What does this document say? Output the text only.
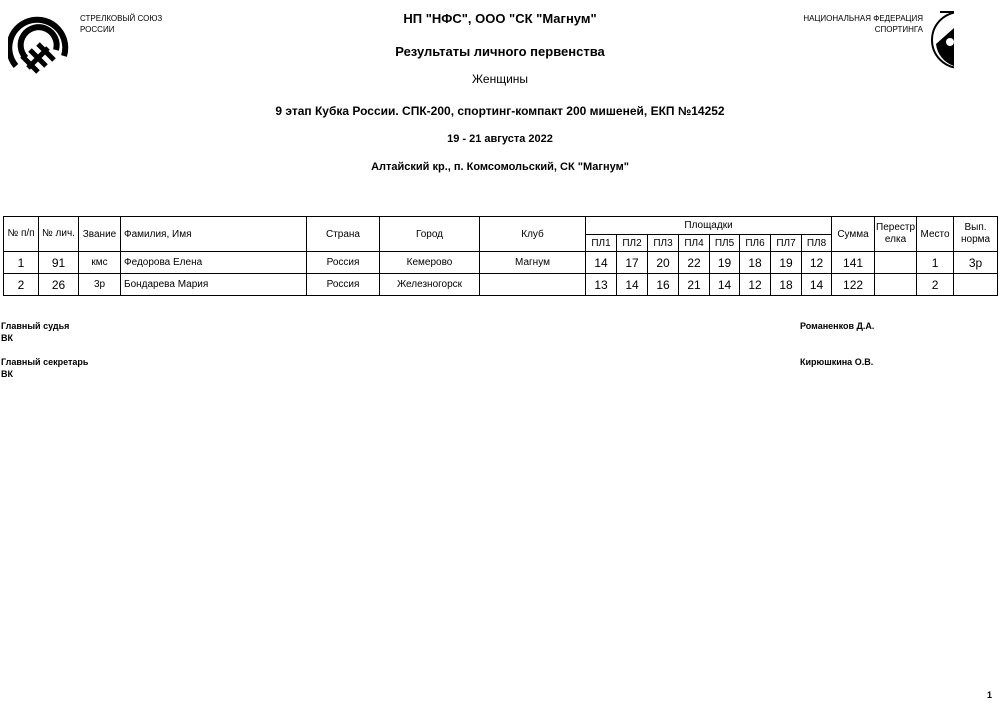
СТРЕЛКОВЫЙ СОЮЗ
РОССИИ
НАЦИОНАЛЬНАЯ ФЕДЕРАЦИЯ
СПОРТИНГА
НП "НФС", ООО "СК "Магнум"
Результаты личного первенства
Женщины
9 этап Кубка России. СПК-200, спортинг-компакт 200 мишеней, ЕКП №14252
19 - 21 августа 2022
Алтайский кр., п. Комсомольский, СК "Магнум"
№ п/п	№ лич.	Звание	Фамилия, Имя	Страна	Город	Клуб	Площадки								Сумма	Перестрелка	Место	Вып. норма
							ПЛ1	ПЛ2	ПЛ3	ПЛ4	ПЛ5	ПЛ6	ПЛ7	ПЛ8				
1	91	кмс	Федорова Елена	Россия	Кемерово	Магнум	14	17	20	22	19	18	19	12	141		1	3р
2	26	3р	Бондарева Мария	Россия	Железногорск		13	14	16	21	14	12	18	14	122		2	
Главный судья
ВК
Романенков Д.А.
Главный секретарь
ВК
Кирюшкина О.В.
1
